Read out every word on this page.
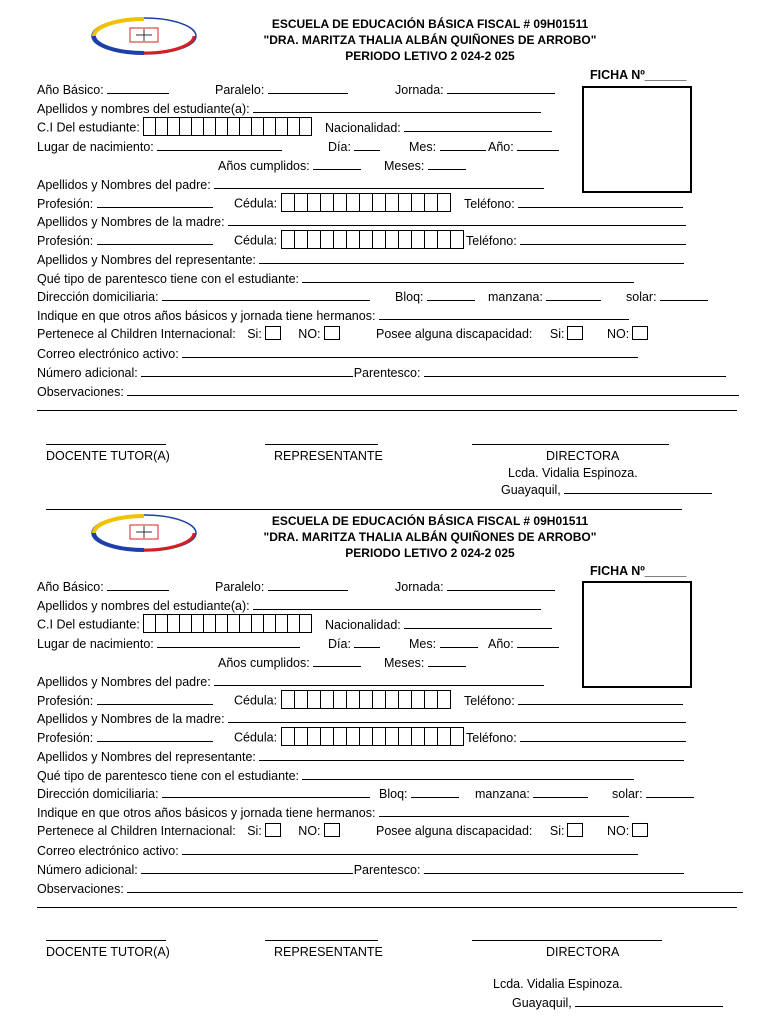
ESCUELA DE EDUCACIÓN BÁSICA FISCAL # 09H01511
"DRA. MARITZA THALIA ALBÁN QUIÑONES DE ARROBO"
PERIODO LETIVO 2 024-2 025
FICHA Nº______
Año Básico:	Paralelo:	Jornada:
Apellidos y nombres del estudiante(a):
C.I Del estudiante:	Nacionalidad:
Lugar de nacimiento:	Día:	Mes:	Año:
Años cumplidos:	Meses:
Apellidos y Nombres del padre:
Profesión:	Cédula:	Teléfono:
Apellidos y Nombres de la madre:
Profesión:	Cédula:	Teléfono:
Apellidos y Nombres del representante:
Qué tipo de parentesco tiene con el estudiante:
Dirección domiciliaria:	Bloq:	manzana:	solar:
Indique en que otros años básicos y jornada tiene hermanos:
Pertenece al Children Internacional: Si:	NO:	Posee alguna discapacidad: Si:	NO:
Correo electrónico activo:
Número adicional:	Parentesco:
Observaciones:
DOCENTE TUTOR(A)	REPRESENTANTE	DIRECTORA
Lcda. Vidalia Espinoza.
Guayaquil,
ESCUELA DE EDUCACIÓN BÁSICA FISCAL # 09H01511
"DRA. MARITZA THALIA ALBÁN QUIÑONES DE ARROBO"
PERIODO LETIVO 2 024-2 025
FICHA Nº______
Año Básico:	Paralelo:	Jornada:
Apellidos y nombres del estudiante(a):
C.I Del estudiante:	Nacionalidad:
Lugar de nacimiento:	Día:	Mes:	Año:
Años cumplidos:	Meses:
Apellidos y Nombres del padre:
Profesión:	Cédula:	Teléfono:
Apellidos y Nombres de la madre:
Profesión:	Cédula:	Teléfono:
Apellidos y Nombres del representante:
Qué tipo de parentesco tiene con el estudiante:
Dirección domiciliaria:	Bloq:	manzana:	solar:
Indique en que otros años básicos y jornada tiene hermanos:
Pertenece al Children Internacional: Si:	NO:	Posee alguna discapacidad: Si:	NO:
Correo electrónico activo:
Número adicional:	Parentesco:
Observaciones:
DOCENTE TUTOR(A)	REPRESENTANTE	DIRECTORA
Lcda. Vidalia Espinoza.
Guayaquil,
